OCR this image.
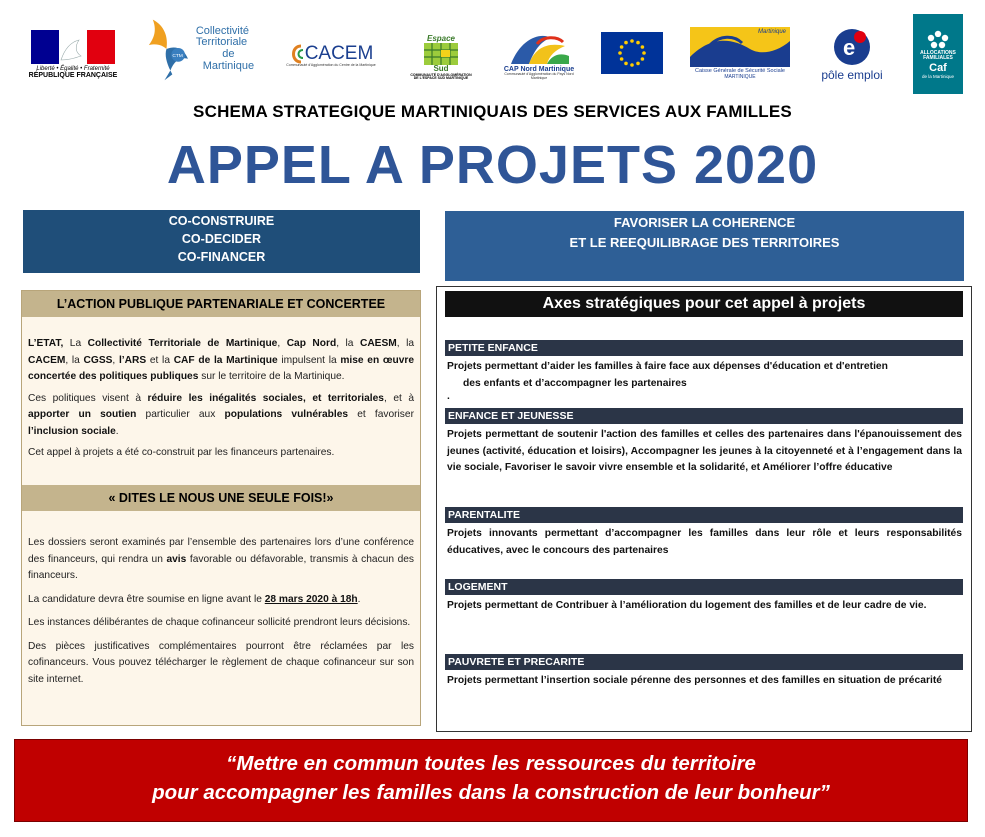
Liberté • Égalité • Fraternité
RÉPUBLIQUE FRANÇAISE
CTM
Collectivité
Territoriale
de Martinique
CACEM
Communauté d'Agglomération du Centre de la Martinique
Espace
Sud
COMMUNAUTÉ D'AGGLOMÉRATION DE L'ESPACE SUD MARTINIQUE
CAP Nord Martinique
Communauté d'Agglomération du Pays Nord Martinique
Martinique
Caisse Générale de Sécurité Sociale
MARTINIQUE
e
pôle emploi
ALLOCATIONS
FAMILIALES
Caf
de la Martinique
SCHEMA STRATEGIQUE MARTINIQUAIS DES SERVICES AUX FAMILLES
APPEL A PROJETS 2020
CO-CONSTRUIRE
CO-DECIDER
CO-FINANCER
FAVORISER LA COHERENCE
ET LE REEQUILIBRAGE DES TERRITOIRES
L’ACTION PUBLIQUE PARTENARIALE ET CONCERTEE
L’ETAT, La Collectivité Territoriale de Martinique, Cap Nord, la CAESM, la CACEM, la CGSS, l’ARS et la CAF de la Martinique impulsent la mise en œuvre concertée des politiques publiques sur le territoire de la Martinique.
Ces politiques visent à réduire les inégalités sociales, et territoriales, et à apporter un soutien particulier aux populations vulnérables et favoriser l’inclusion sociale.
Cet appel à projets a été co-construit par les financeurs partenaires.
« DITES LE NOUS UNE SEULE FOIS!»
Les dossiers seront examinés par l’ensemble des partenaires lors d’une conférence des financeurs, qui rendra un avis favorable ou défavorable, transmis à chacun des financeurs.
La candidature devra être soumise en ligne avant le 28 mars 2020 à 18h.
Les instances délibérantes de chaque cofinanceur sollicité prendront leurs décisions.
Des pièces justificatives complémentaires pourront être réclamées par les cofinanceurs. Vous pouvez télécharger le règlement de chaque cofinanceur sur son site internet.
Axes stratégiques pour cet appel à projets
PETITE ENFANCE
Projets permettant d’aider les familles à faire face aux dépenses d'éducation et d'entretien
des enfants et d’accompagner les partenaires
.
ENFANCE ET JEUNESSE
Projets permettant de soutenir l'action des familles et celles des partenaires dans l'épanouissement des jeunes (activité, éducation et loisirs), Accompagner les jeunes à la citoyenneté et à l’engagement dans la vie sociale, Favoriser le savoir vivre ensemble et la solidarité, et Améliorer l’offre éducative
PARENTALITE
Projets innovants permettant d’accompagner les familles dans leur rôle et leurs responsabilités éducatives, avec le concours des partenaires
LOGEMENT
Projets permettant de Contribuer à l’amélioration du logement des familles et de leur cadre de vie.
PAUVRETE ET PRECARITE
Projets permettant l’insertion sociale pérenne des personnes et des familles en situation de précarité
“Mettre en commun toutes les ressources du territoire
pour accompagner les familles dans la construction de leur bonheur”
